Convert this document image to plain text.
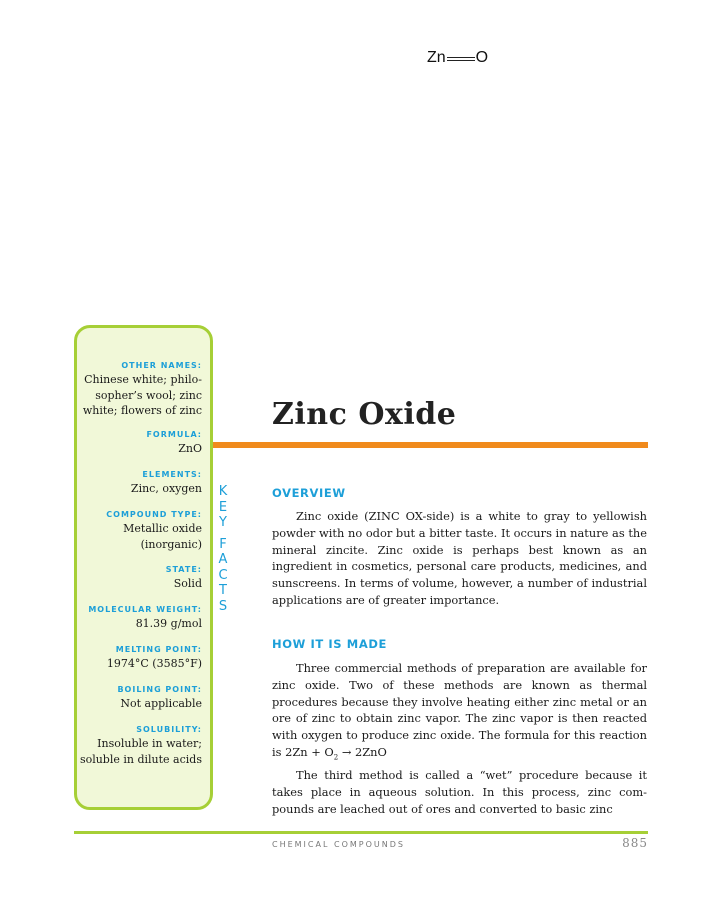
Zn O
OTHER NAMES:
Chinese white; philo- sopher’s wool; zinc white; flowers of zinc
FORMULA:
ZnO
ELEMENTS:
Zinc, oxygen
COMPOUND TYPE:
Metallic oxide (inorganic)
STATE:
Solid
MOLECULAR WEIGHT:
81.39 g/mol
MELTING POINT:
1974°C (3585°F)
BOILING POINT:
Not applicable
SOLUBILITY:
Insoluble in water; soluble in dilute acids
K
E
Y

F
A
C
T
S
Zinc Oxide
OVERVIEW

Zinc oxide (ZINC OX-side) is a white to gray to yellowish powder with no odor but a bitter taste. It occurs in nature as the mineral zincite. Zinc oxide is perhaps best known as an ingredient in cosmetics, personal care products, medicines, and sunscreens. In terms of volume, however, a number of industrial applications are of greater importance.

HOW IT IS MADE

Three commercial methods of preparation are available for zinc oxide. Two of these methods are known as thermal procedures because they involve heating either zinc metal or an ore of zinc to obtain zinc vapor. The zinc vapor is then reacted with oxygen to produce zinc oxide. The formula for this reaction is $2Zn + O_2 \to 2ZnO$

The third method is called a “wet” procedure because it takes place in aqueous solution. In this process, zinc com- pounds are leached out of ores and converted to basic zinc

CHEMICAL COMPOUNDS	885
